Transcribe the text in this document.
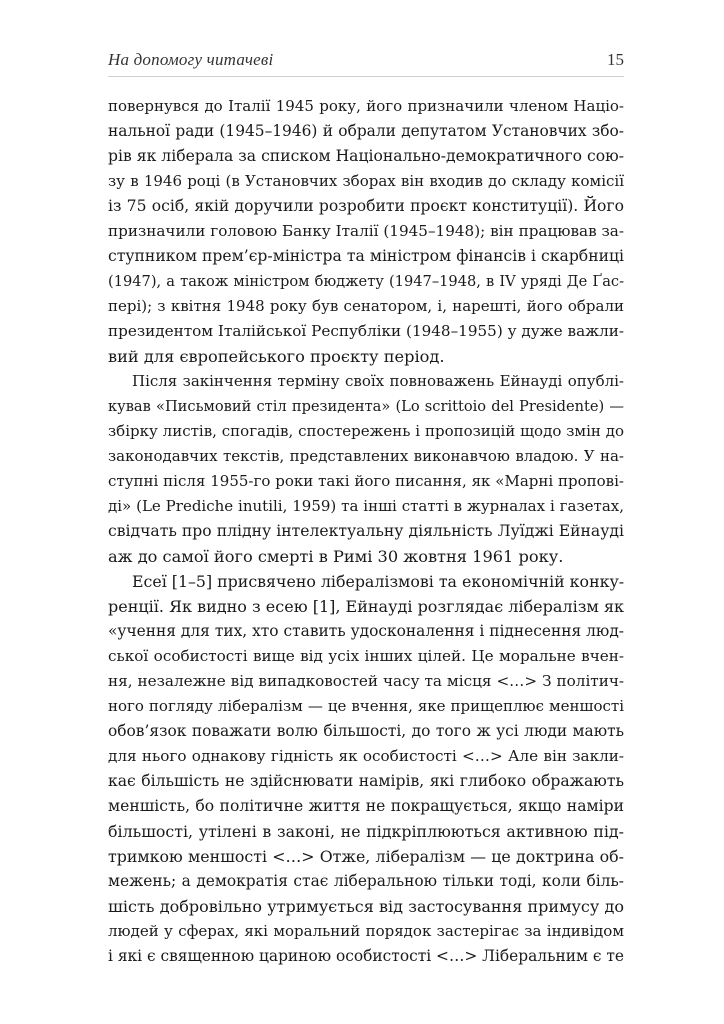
На допомогу читачеві	15
повернувся до Італії 1945 року, його призначили членом Націо-
нальної ради (1945–1946) й обрали депутатом Установчих збо-
рів як ліберала за списком Національно-демократичного сою-
зу в 1946 році (в Установчих зборах він входив до складу комісії
із 75 осіб, якій доручили розробити проєкт конституції). Його
призначили головою Банку Італії (1945–1948); він працював за-
ступником прем’єр-міністра та міністром фінансів і скарбниці
(1947), а також міністром бюджету (1947–1948, в IV уряді Де Ґас-
пері); з квітня 1948 року був сенатором, і, нарешті, його обрали
президентом Італійської Республіки (1948–1955) у дуже важли-
вий для європейського проєкту період.
Після закінчення терміну своїх повноважень Ейнауді опублі-
кував «Письмовий стіл президента» (Lo scrittoio del Presidente) —
збірку листів, спогадів, спостережень і пропозицій щодо змін до
законодавчих текстів, представлених виконавчою владою. У на-
ступні після 1955-го роки такі його писання, як «Марні пропові-
ді» (Le Prediche inutili, 1959) та інші статті в журналах і газетах,
свідчать про плідну інтелектуальну діяльність Луїджі Ейнауді
аж до самої його смерті в Римі 30 жовтня 1961 року.
Есеї [1–5] присвячено лібералізмові та економічній конку-
ренції. Як видно з есею [1], Ейнауді розглядає лібералізм як
«учення для тих, хто ставить удосконалення і піднесення люд-
ської особистості вище від усіх інших цілей. Це моральне вчен-
ня, незалежне від випадковостей часу та місця <…> З політич-
ного погляду лібералізм — це вчення, яке прищеплює меншості
обов’язок поважати волю більшості, до того ж усі люди мають
для нього однакову гідність як особистості <…> Але він закли-
кає більшість не здійснювати намірів, які глибоко ображають
меншість, бо політичне життя не покращується, якщо наміри
більшості, утілені в законі, не підкріплюються активною під-
тримкою меншості <…> Отже, лібералізм — це доктрина об-
межень; а демократія стає ліберальною тільки тоді, коли біль-
шість добровільно утримується від застосування примусу до
людей у сферах, які моральний порядок застерігає за індивідом
і які є священною цариною особистості <…> Ліберальним є те
